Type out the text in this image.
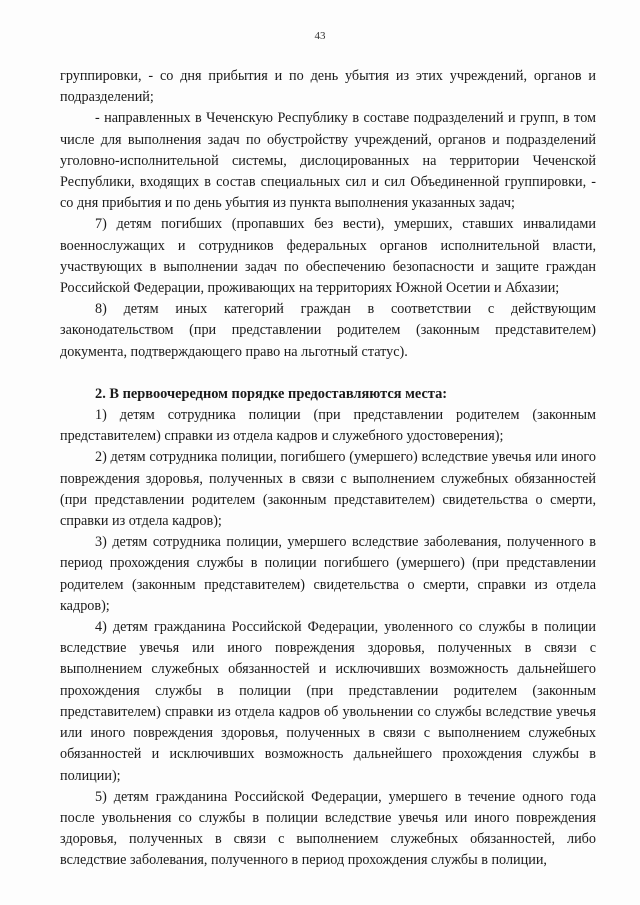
43

группировки, - со дня прибытия и по день убытия из этих учреждений, органов и подразделений;

- направленных в Чеченскую Республику в составе подразделений и групп, в том числе для выполнения задач по обустройству учреждений, органов и подразделений уголовно-исполнительной системы, дислоцированных на территории Чеченской Республики, входящих в состав специальных сил и сил Объединенной группировки, - со дня прибытия и по день убытия из пункта выполнения указанных задач;

7) детям погибших (пропавших без вести), умерших, ставших инвалидами военнослужащих и сотрудников федеральных органов исполнительной власти, участвующих в выполнении задач по обеспечению безопасности и защите граждан Российской Федерации, проживающих на территориях Южной Осетии и Абхазии;

8) детям иных категорий граждан в соответствии с действующим законодательством (при представлении родителем (законным представителем) документа, подтверждающего право на льготный статус).

2. В первоочередном порядке предоставляются места:

1) детям сотрудника полиции (при представлении родителем (законным представителем) справки из отдела кадров и служебного удостоверения);

2) детям сотрудника полиции, погибшего (умершего) вследствие увечья или иного повреждения здоровья, полученных в связи с выполнением служебных обязанностей (при представлении родителем (законным представителем) свидетельства о смерти, справки из отдела кадров);

3) детям сотрудника полиции, умершего вследствие заболевания, полученного в период прохождения службы в полиции погибшего (умершего) (при представлении родителем (законным представителем) свидетельства о смерти, справки из отдела кадров);

4) детям гражданина Российской Федерации, уволенного со службы в полиции вследствие увечья или иного повреждения здоровья, полученных в связи с выполнением служебных обязанностей и исключивших возможность дальнейшего прохождения службы в полиции (при представлении родителем (законным представителем) справки из отдела кадров об увольнении со службы вследствие увечья или иного повреждения здоровья, полученных в связи с выполнением служебных обязанностей и исключивших возможность дальнейшего прохождения службы в полиции);

5) детям гражданина Российской Федерации, умершего в течение одного года после увольнения со службы в полиции вследствие увечья или иного повреждения здоровья, полученных в связи с выполнением служебных обязанностей, либо вследствие заболевания, полученного в период прохождения службы в полиции,
